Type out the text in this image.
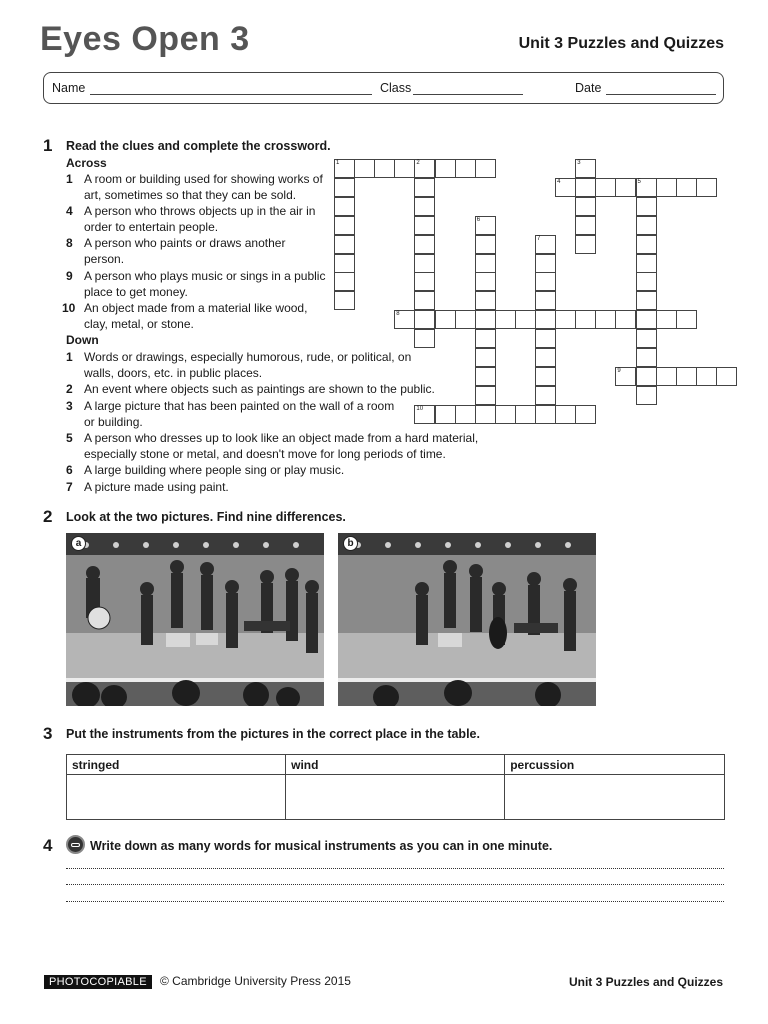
Eyes Open 3	Unit 3 Puzzles and Quizzes
Name	Class	Date
1 Read the clues and complete the crossword.
Across
1 A room or building used for showing works of art, sometimes so that they can be sold.
4 A person who throws objects up in the air in order to entertain people.
8 A person who paints or draws another person.
9 A person who plays music or sings in a public place to get money.
10 An object made from a material like wood, clay, metal, or stone.
Down
1 Words or drawings, especially humorous, rude, or political, on walls, doors, etc. in public places.
2 An event where objects such as paintings are shown to the public.
3 A large picture that has been painted on the wall of a room or building.
5 A person who dresses up to look like an object made from a hard material, especially stone or metal, and doesn't move for long periods of time.
6 A large building where people sing or play music.
7 A picture made using paint.
1	2	3
4	5
6
7
8
9
10
2 Look at the two pictures. Find nine differences.
a	b
3 Put the instruments from the pictures in the correct place in the table.
stringed	wind	percussion

4	Write down as many words for musical instruments as you can in one minute.
PHOTOCOPIABLE	© Cambridge University Press 2015	Unit 3 Puzzles and Quizzes
